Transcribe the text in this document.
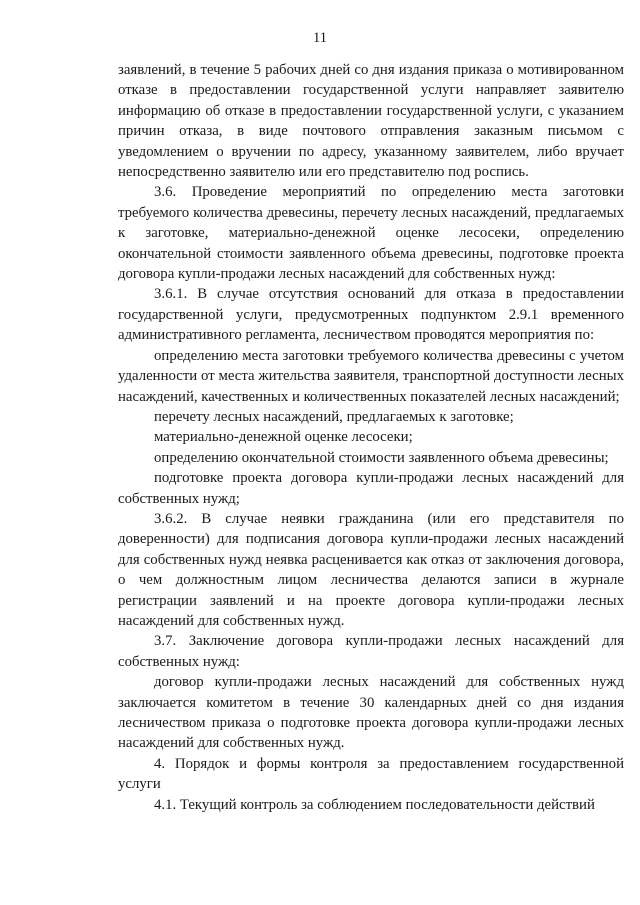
11

заявлений, в течение 5 рабочих дней со дня издания приказа о мотивированном отказе в предоставлении государственной услуги направляет заявителю информацию об отказе в предоставлении государственной услуги, с указанием причин отказа, в виде почтового отправления заказным письмом с уведомлением о вручении по адресу, указанному заявителем, либо вручает непосредственно заявителю или его представителю под роспись.

3.6. Проведение мероприятий по определению места заготовки требуемого количества древесины, перечету лесных насаждений, предлагаемых к заготовке, материально-денежной оценке лесосеки, определению окончательной стоимости заявленного объема древесины, подготовке проекта договора купли-продажи лесных насаждений для собственных нужд:

3.6.1. В случае отсутствия оснований для отказа в предоставлении государственной услуги, предусмотренных подпунктом 2.9.1 временного административного регламента, лесничеством проводятся мероприятия по:

определению места заготовки требуемого количества древесины с учетом удаленности от места жительства заявителя, транспортной доступности лесных насаждений, качественных и количественных показателей лесных насаждений;

перечету лесных насаждений, предлагаемых к заготовке;

материально-денежной оценке лесосеки;

определению окончательной стоимости заявленного объема древесины;

подготовке проекта договора купли-продажи лесных насаждений для собственных нужд;

3.6.2. В случае неявки гражданина (или его представителя по доверенности) для подписания договора купли-продажи лесных насаждений для собственных нужд неявка расценивается как отказ от заключения договора, о чем должностным лицом лесничества делаются записи в журнале регистрации заявлений и на проекте договора купли-продажи лесных насаждений для собственных нужд.

3.7. Заключение договора купли-продажи лесных насаждений для собственных нужд:

договор купли-продажи лесных насаждений для собственных нужд заключается комитетом в течение 30 календарных дней со дня издания лесничеством приказа о подготовке проекта договора купли-продажи лесных насаждений для собственных нужд.

4. Порядок и формы контроля за предоставлением государственной услуги

4.1. Текущий контроль за соблюдением последовательности действий
